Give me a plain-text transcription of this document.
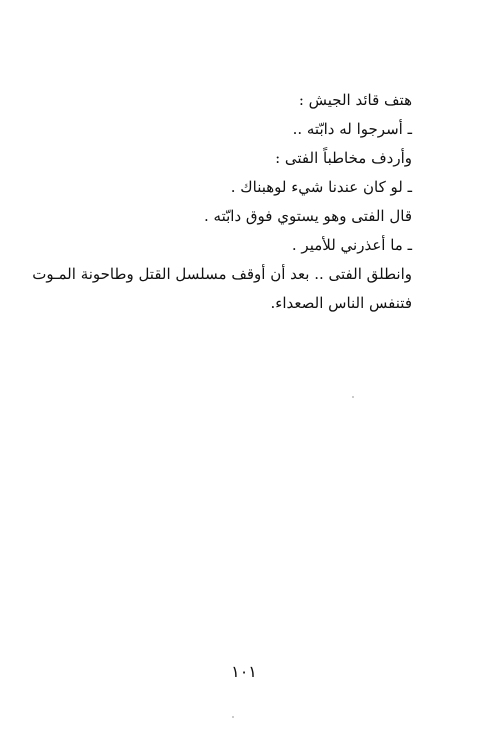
هتف قائد الجيش :
ـ أسرجوا له دابّته ..
وأردف مخاطباً الفتى :
ـ لو كان عندنا شيء لوهبناك .
قال الفتى وهو يستوي فوق دابّته .
ـ ما أعذرني للأمير .
وانطلق الفتى .. بعد أن أوقف مسلسل القتل وطاحونة المـوت
فتنفس الناس الصعداء.
١٠١
